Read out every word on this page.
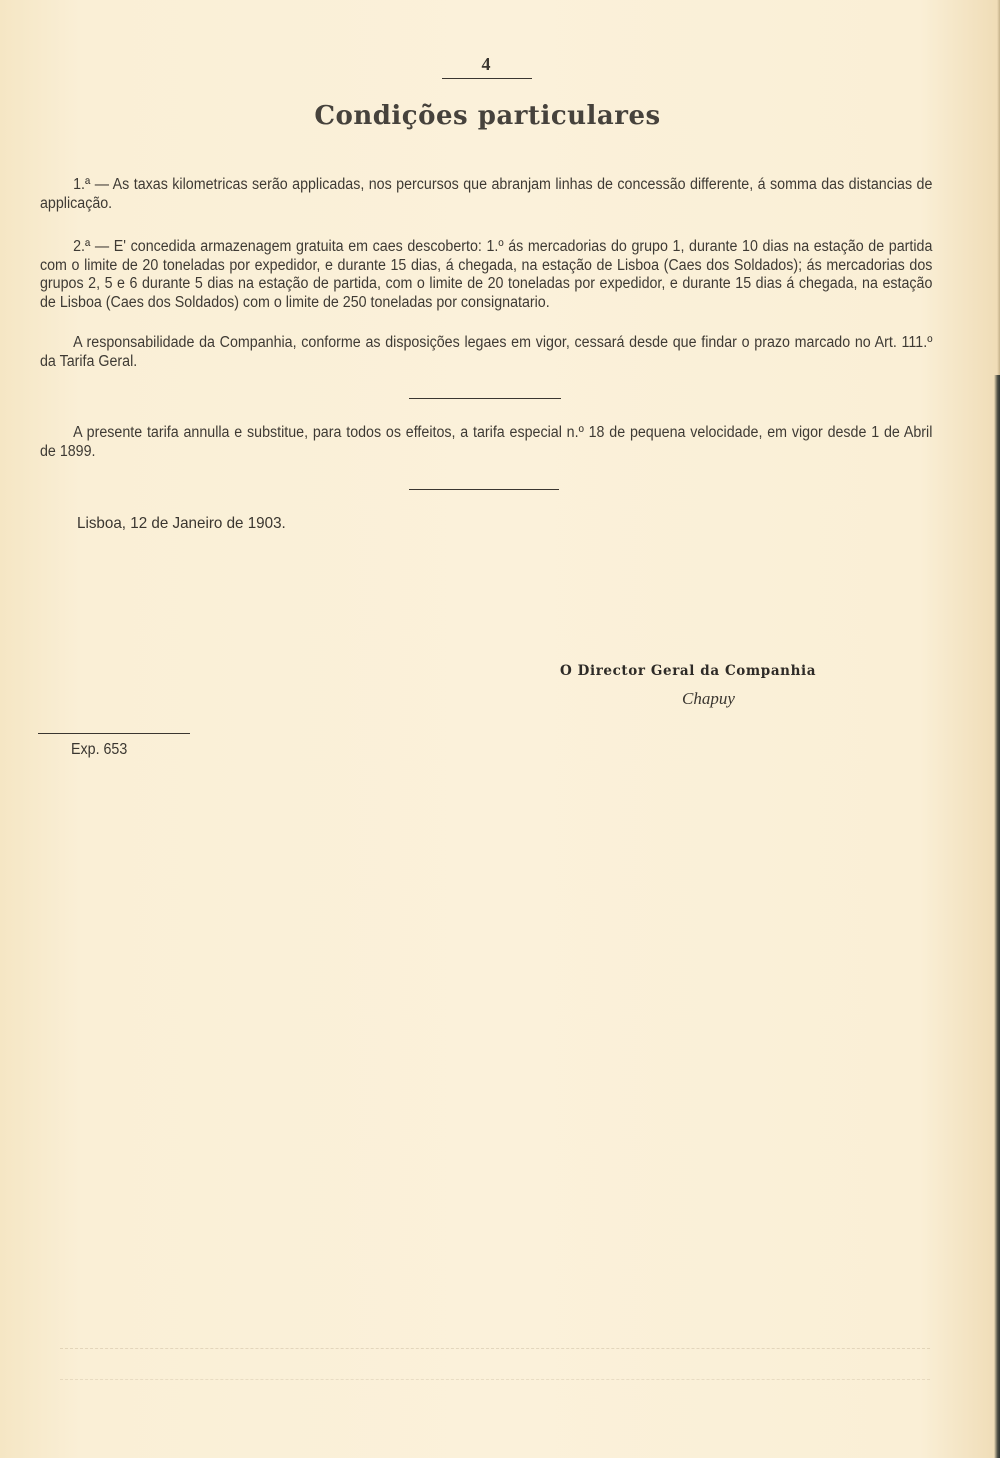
4
Condições particulares
1.ª — As taxas kilometricas serão applicadas, nos percursos que abranjam linhas de concessão differente, á somma das distancias de applicação.
2.ª — E' concedida armazenagem gratuita em caes descoberto: 1.º ás mercadorias do grupo 1, durante 10 dias na estação de partida com o limite de 20 toneladas por expedidor, e durante 15 dias, á chegada, na estação de Lisboa (Caes dos Soldados); ás mercadorias dos grupos 2, 5 e 6 durante 5 dias na estação de partida, com o limite de 20 toneladas por expedidor, e durante 15 dias á chegada, na estação de Lisboa (Caes dos Soldados) com o limite de 250 toneladas por consignatario.
A responsabilidade da Companhia, conforme as disposições legaes em vigor, cessará desde que findar o prazo marcado no Art. 111.º da Tarifa Geral.
A presente tarifa annulla e substitue, para todos os effeitos, a tarifa especial n.º 18 de pequena velocidade, em vigor desde 1 de Abril de 1899.
Lisboa, 12 de Janeiro de 1903.
O Director Geral da Companhia
Chapuy
Exp. 653
